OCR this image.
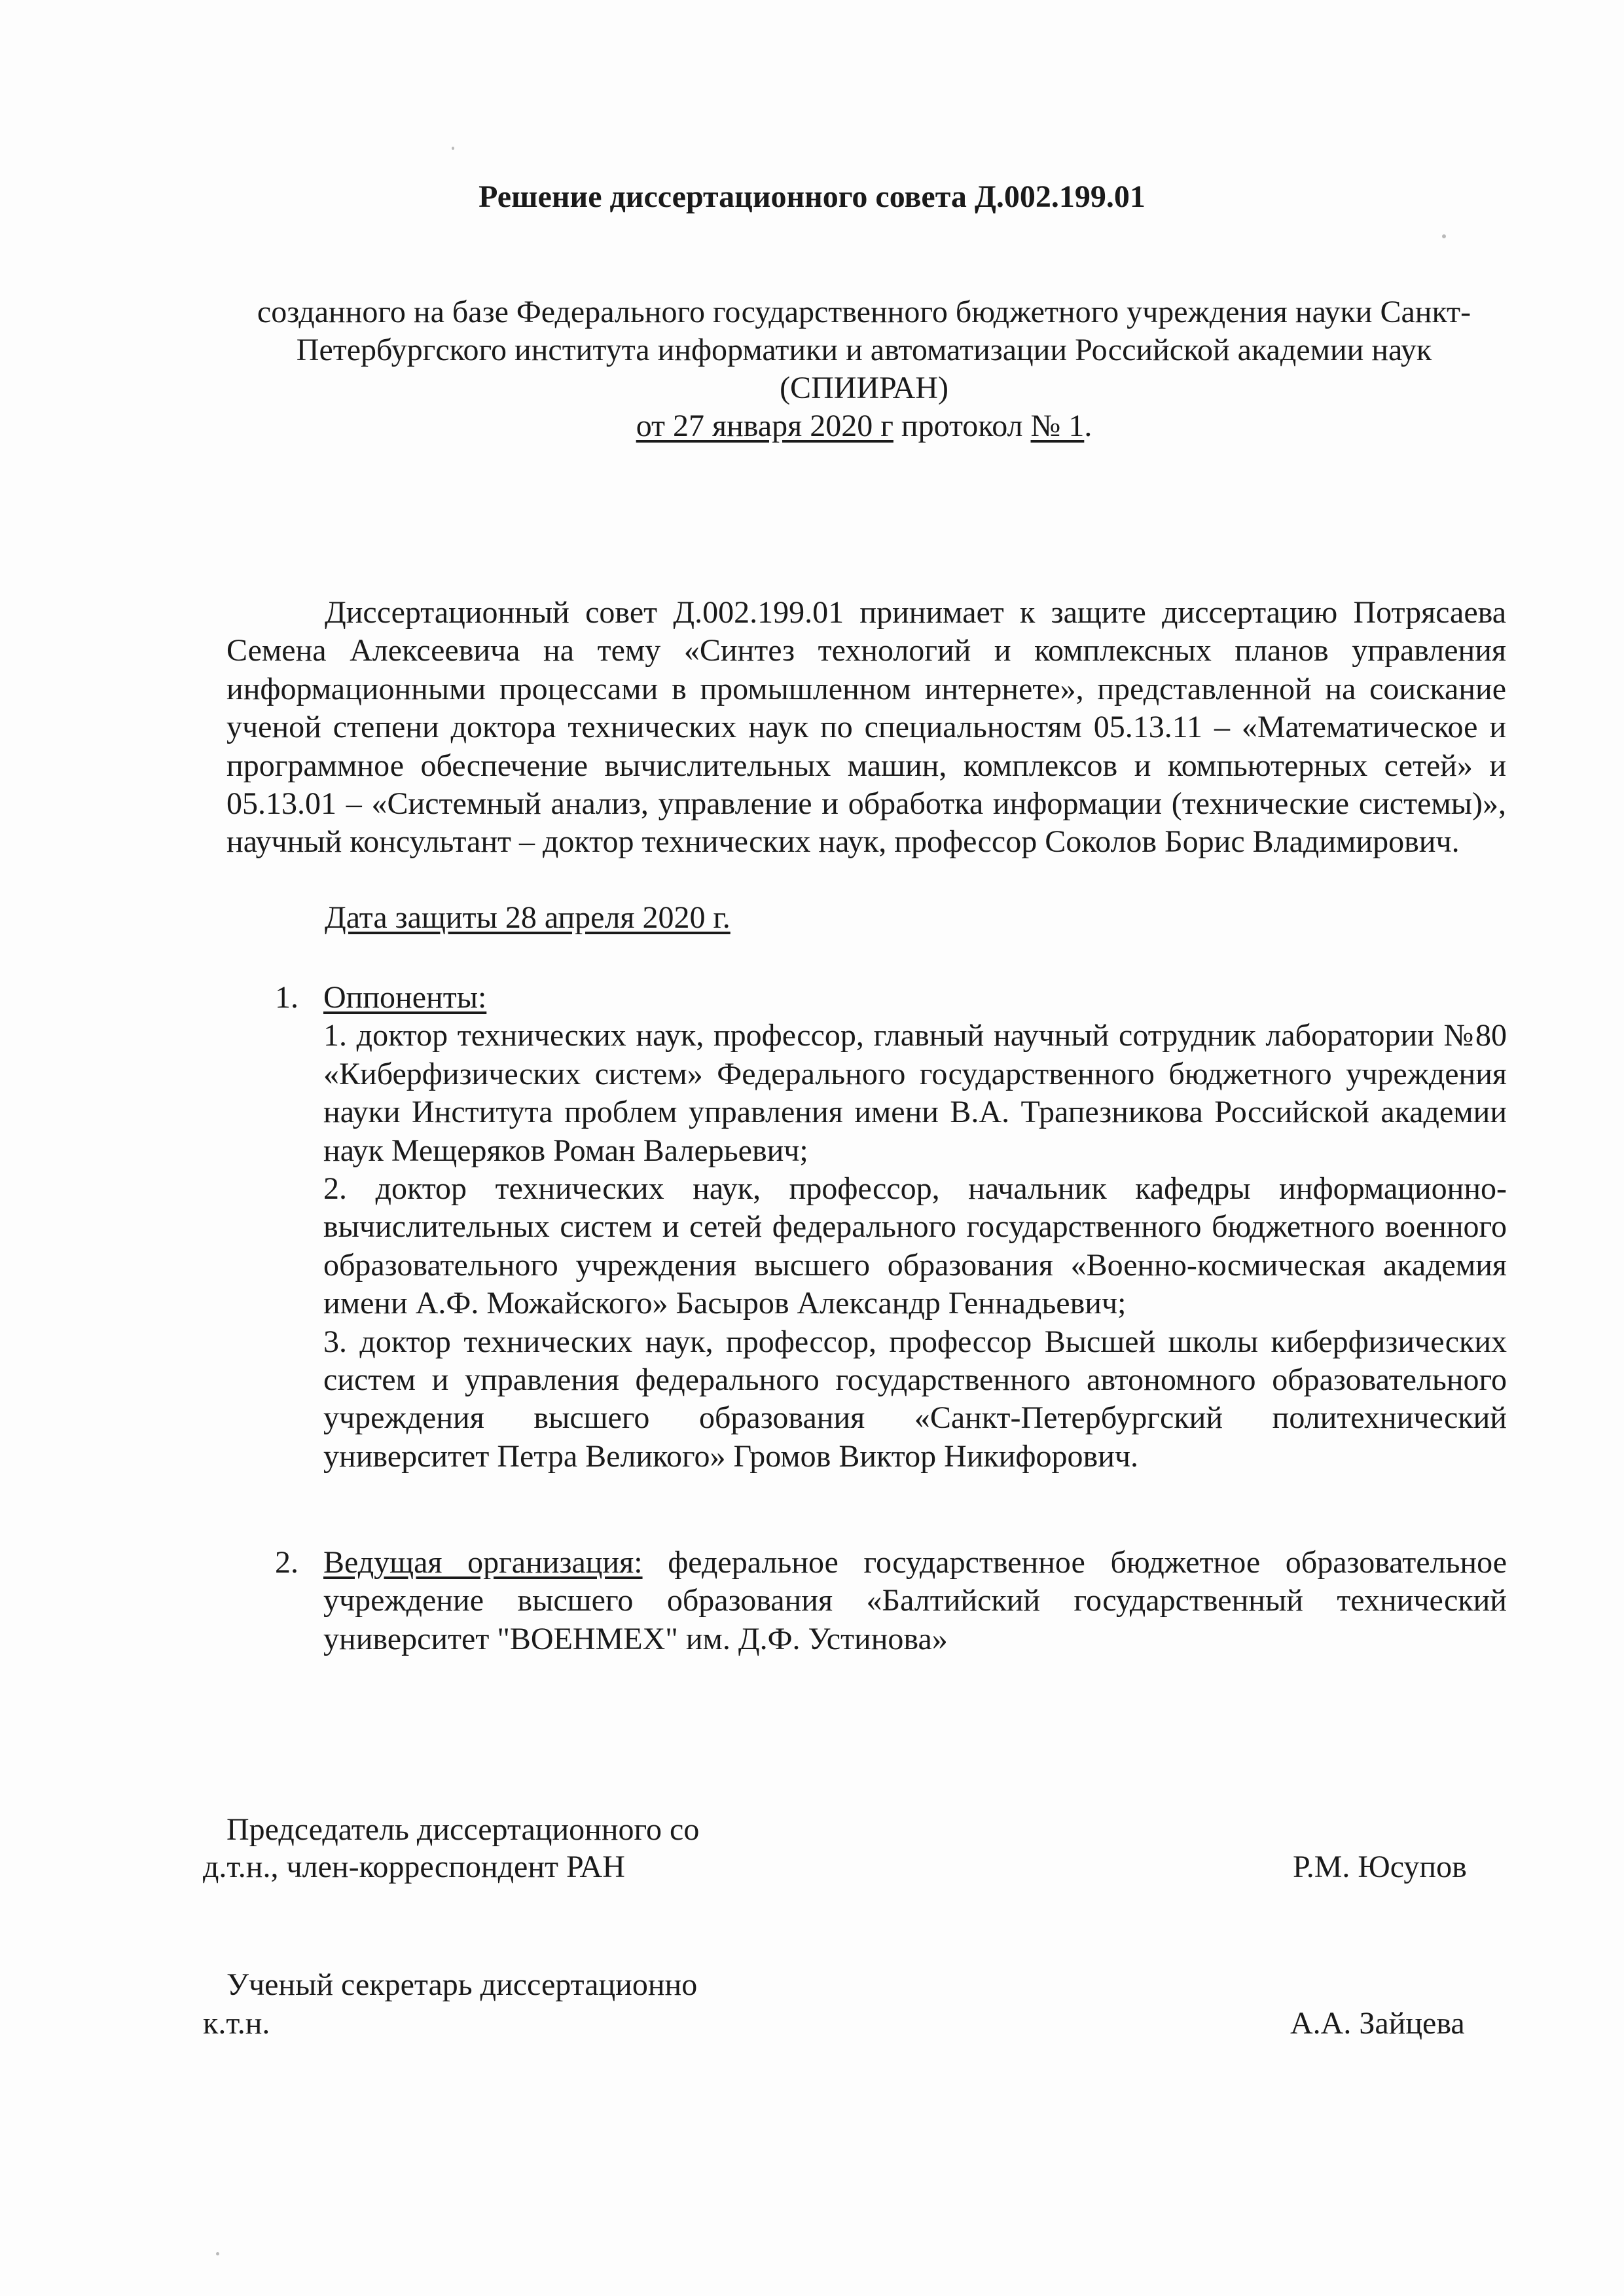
Решение диссертационного совета Д.002.199.01
созданного на базе Федерального государственного бюджетного учреждения науки Санкт-
Петербургского института информатики и автоматизации Российской академии наук
(СПИИРАН)
от 27 января 2020 г протокол № 1.
Диссертационный совет Д.002.199.01 принимает к защите диссертацию Потрясаева Семена Алексеевича на тему «Синтез технологий и комплексных планов управления информационными процессами в промышленном интернете», представленной на соискание ученой степени доктора технических наук по специальностям 05.13.11 – «Математическое и программное обеспечение вычислительных машин, комплексов и компьютерных сетей» и 05.13.01 – «Системный анализ, управление и обработка информации (технические системы)», научный консультант – доктор технических наук, профессор Соколов Борис Владимирович.
Дата защиты 28 апреля 2020 г.
1. Оппоненты:
1. доктор технических наук, профессор, главный научный сотрудник лаборатории №80 «Киберфизических систем» Федерального государственного бюджетного учреждения науки Института проблем управления имени В.А. Трапезникова Российской академии наук Мещеряков Роман Валерьевич;
2. доктор технических наук, профессор, начальник кафедры информационно-вычислительных систем и сетей федерального государственного бюджетного военного образовательного учреждения высшего образования «Военно-космическая академия имени А.Ф. Можайского» Басыров Александр Геннадьевич;
3. доктор технических наук, профессор, профессор Высшей школы киберфизических систем и управления федерального государственного автономного образовательного учреждения высшего образования «Санкт-Петербургский политехнический университет Петра Великого» Громов Виктор Никифорович.
2. Ведущая организация: федеральное государственное бюджетное образовательное учреждение высшего образования «Балтийский государственный технический университет "ВОЕНМЕХ" им. Д.Ф. Устинова»
Председатель диссертационного со
д.т.н., член-корреспондент РАН	Р.М. Юсупов
Ученый секретарь диссертационно
к.т.н.	А.А. Зайцева
